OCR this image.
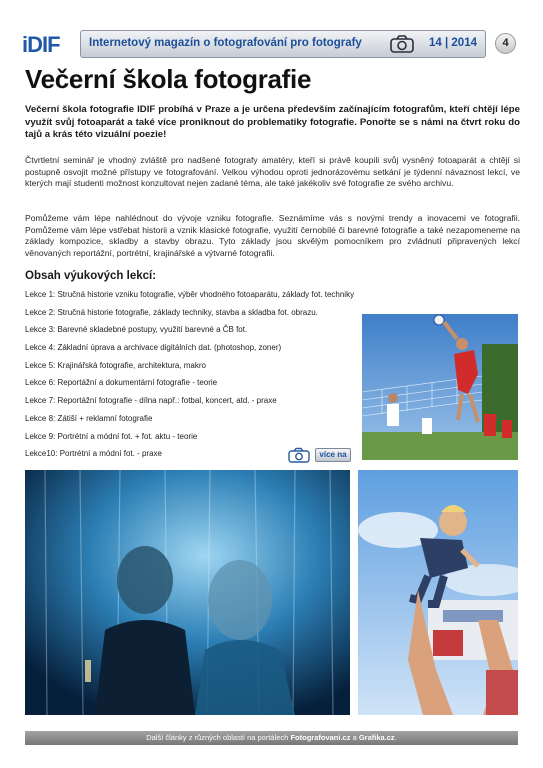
iDIF	Internetový magazín o fotografování pro fotografy	14 | 2014	4
Večerní škola fotografie

Večerní škola fotografie IDIF probíhá v Praze a je určena především začínajícím fotografům, kteří chtějí lépe využít svůj fotoaparát a také více proniknout do problematiky fotografie. Ponořte se s námi na čtvrt roku do tajů a krás této vizuální poezie!

Čtvrtletní seminář je vhodný zvláště pro nadšené fotografy amatéry, kteří si právě koupili svůj vysněný fotoaparát a chtějí si postupně osvojit možné přístupy ve fotografování. Velkou výhodou oproti jednorázovému setkání je týdenní návaznost lekcí, ve kterých mají studenti možnost konzultovat nejen zadané téma, ale také jakékoliv své fotografie ze svého archivu.

Pomůžeme vám lépe nahlédnout do vývoje vzniku fotografie. Seznámíme vás s novými trendy a inovacemi ve fotografii. Pomůžeme vám lépe vstřebat historii a vznik klasické fotografie, využití černobílé či barevné fotografie a také nezapomeneme na základy kompozice, skladby a stavby obrazu. Tyto základy jsou skvělým pomocníkem pro zvládnutí připravených lekcí věnovaných reportážní, portrétní, krajinářské a výtvarné fotografii.

Obsah výukových lekcí:
Lekce 1: Stručná historie vzniku fotografie, výběr vhodného fotoaparátu, základy fot. techniky
Lekce 2: Stručná historie fotografie, základy techniky, stavba a skladba fot. obrazu.
Lekce 3: Barevné skladebné postupy, využití barevné a ČB fot.
Lekce 4: Základní úprava a archivace digitálních dat. (photoshop, zoner)
Lekce 5: Krajinářská fotografie, architektura, makro
Lekce 6: Reportážní a dokumentární fotografie - teorie
Lekce 7: Reportážní fotografie - dílna např.: fotbal, koncert, atd. - praxe
Lekce 8: Zátiší + reklamní fotografie
Lekce 9: Portrétní a módní fot. + fot. aktu - teorie
Lekce10: Portrétní a módní fot. - praxe	více na
Další články z různých oblastí na portálech Fotografovani.cz a Grafika.cz.
